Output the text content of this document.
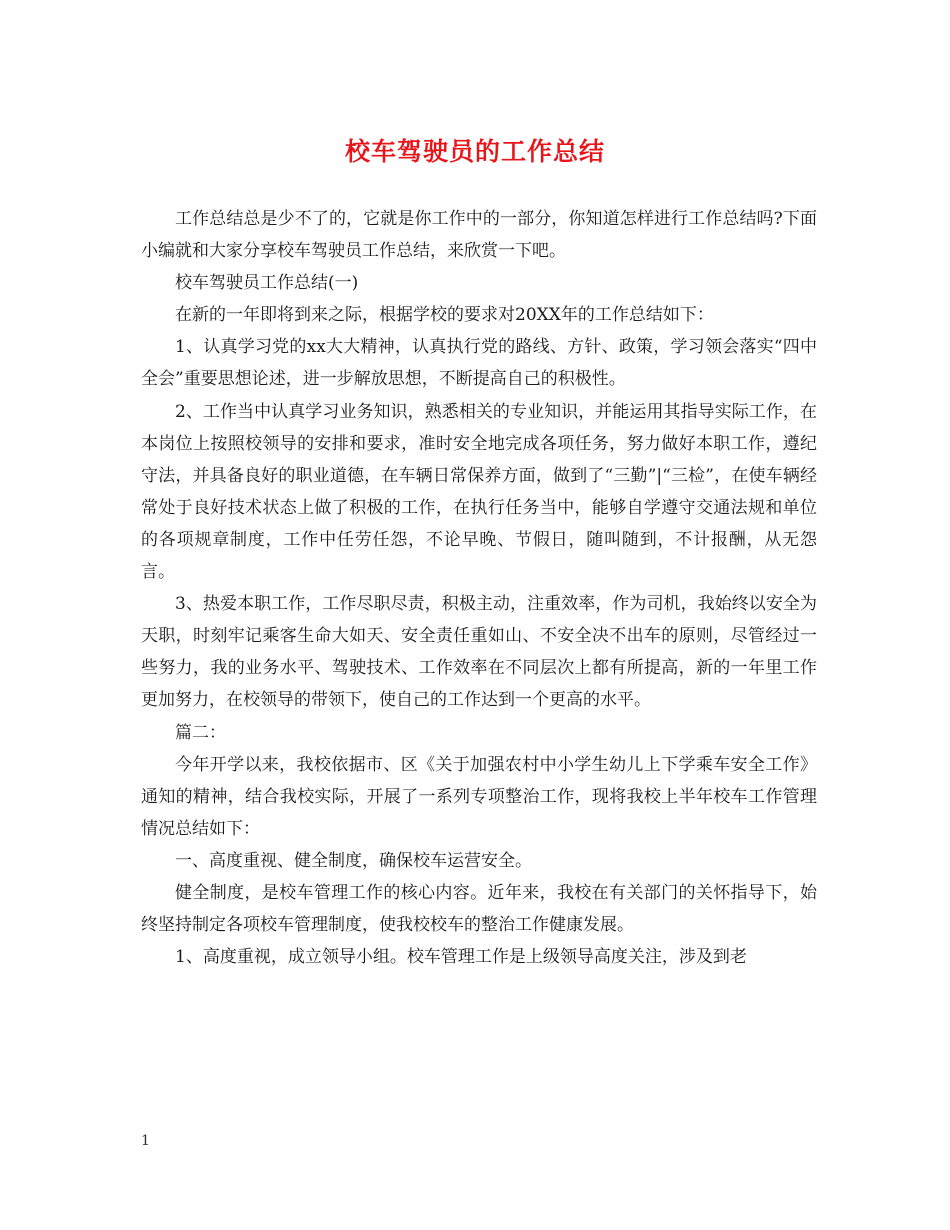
校车驾驶员的工作总结

工作总结总是少不了的，它就是你工作中的一部分，你知道怎样进行工作总结吗?下面小编就和大家分享校车驾驶员工作总结，来欣赏一下吧。

校车驾驶员工作总结(一)

在新的一年即将到来之际，根据学校的要求对20XX年的工作总结如下：

1、认真学习党的xx大大精神，认真执行党的路线、方针、政策，学习领会落实“四中全会”重要思想论述，进一步解放思想，不断提高自己的积极性。

2、工作当中认真学习业务知识，熟悉相关的专业知识，并能运用其指导实际工作，在本岗位上按照校领导的安排和要求，准时安全地完成各项任务，努力做好本职工作，遵纪守法，并具备良好的职业道德，在车辆日常保养方面，做到了“三勤”|“三检”，在使车辆经常处于良好技术状态上做了积极的工作，在执行任务当中，能够自学遵守交通法规和单位的各项规章制度，工作中任劳任怨，不论早晚、节假日，随叫随到，不计报酬，从无怨言。

3、热爱本职工作，工作尽职尽责，积极主动，注重效率，作为司机，我始终以安全为天职，时刻牢记乘客生命大如天、安全责任重如山、不安全决不出车的原则，尽管经过一些努力，我的业务水平、驾驶技术、工作效率在不同层次上都有所提高，新的一年里工作更加努力，在校领导的带领下，使自己的工作达到一个更高的水平。

篇二：

今年开学以来，我校依据市、区《关于加强农村中小学生幼儿上下学乘车安全工作》通知的精神，结合我校实际，开展了一系列专项整治工作，现将我校上半年校车工作管理情况总结如下：

一、高度重视、健全制度，确保校车运营安全。

健全制度，是校车管理工作的核心内容。近年来，我校在有关部门的关怀指导下，始终坚持制定各项校车管理制度，使我校校车的整治工作健康发展。

1、高度重视，成立领导小组。校车管理工作是上级领导高度关注，涉及到老

1
